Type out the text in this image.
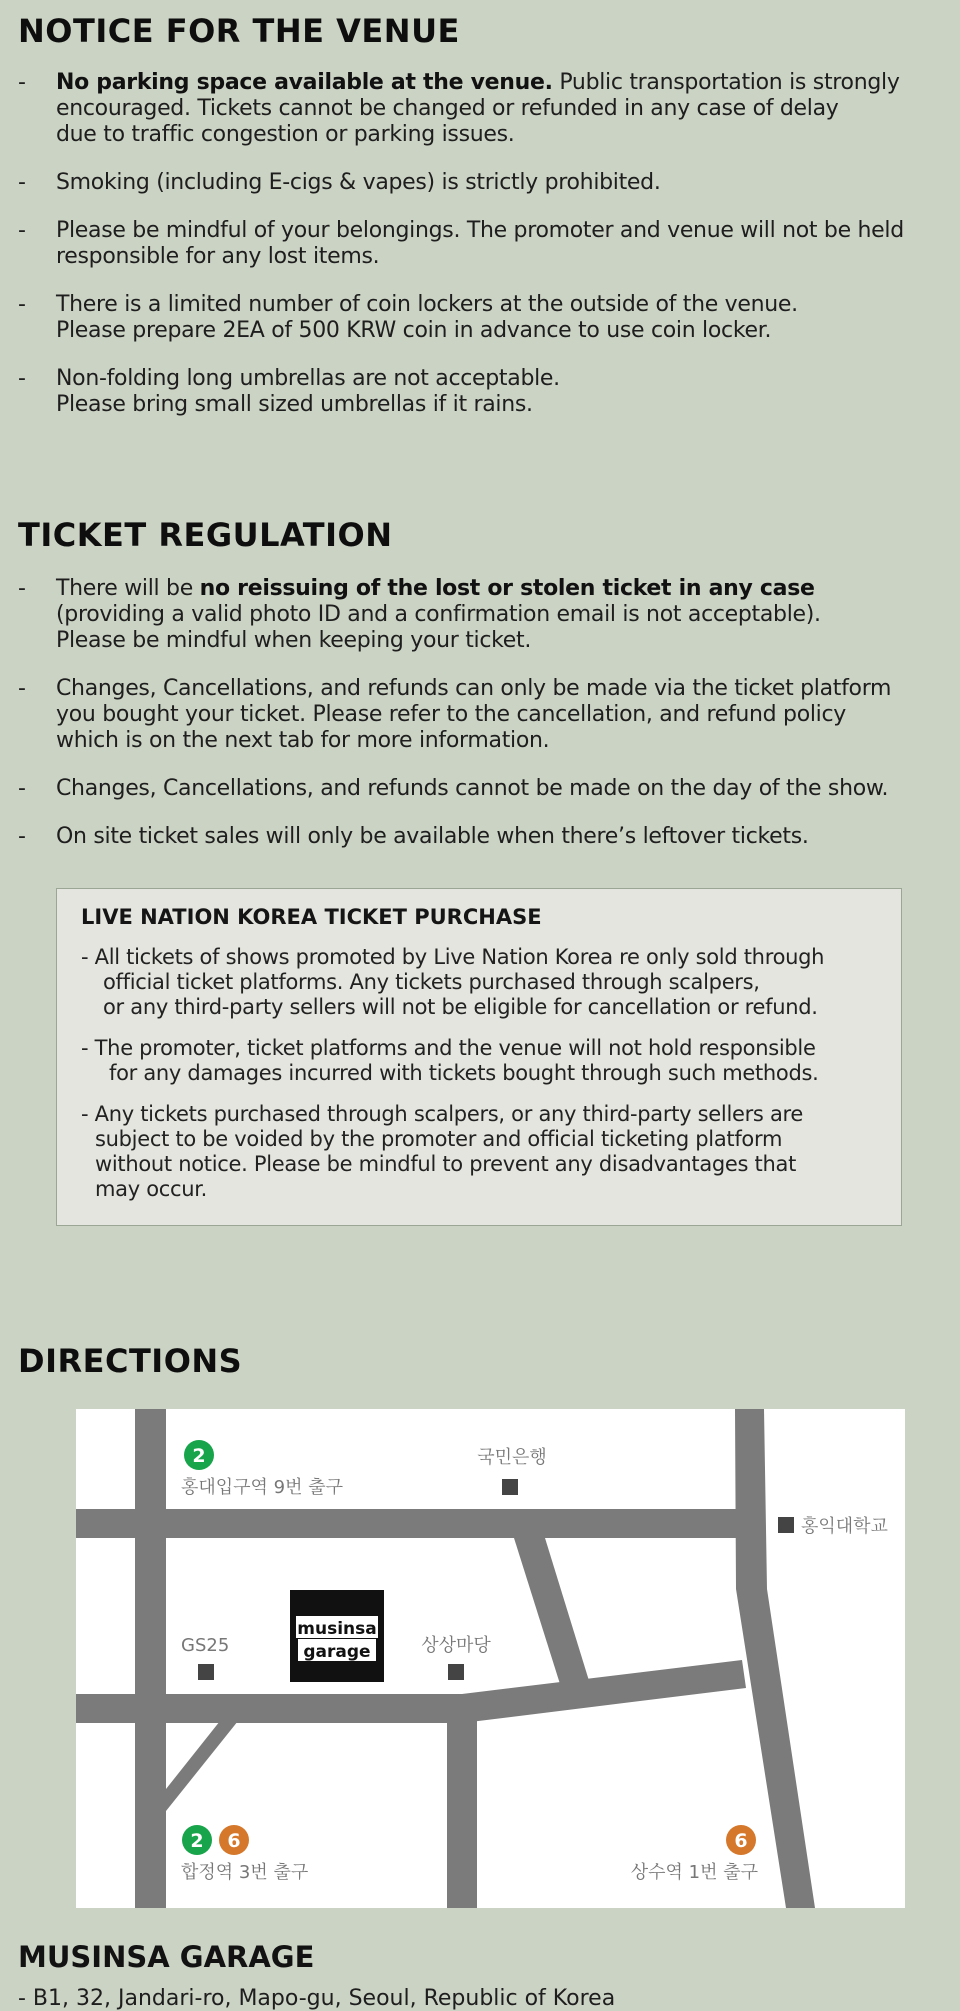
NOTICE FOR THE VENUE
- No parking space available at the venue. Public transportation is strongly
encouraged. Tickets cannot be changed or refunded in any case of delay
due to traffic congestion or parking issues.
- Smoking (including E-cigs & vapes) is strictly prohibited.
- Please be mindful of your belongings. The promoter and venue will not be held
responsible for any lost items.
- There is a limited number of coin lockers at the outside of the venue.
Please prepare 2EA of 500 KRW coin in advance to use coin locker.
- Non-folding long umbrellas are not acceptable.
Please bring small sized umbrellas if it rains.
TICKET REGULATION
- There will be no reissuing of the lost or stolen ticket in any case
(providing a valid photo ID and a confirmation email is not acceptable).
Please be mindful when keeping your ticket.
- Changes, Cancellations, and refunds can only be made via the ticket platform
you bought your ticket. Please refer to the cancellation, and refund policy
which is on the next tab for more information.
- Changes, Cancellations, and refunds cannot be made on the day of the show.
- On site ticket sales will only be available when there’s leftover tickets.
LIVE NATION KOREA TICKET PURCHASE

- All tickets of shows promoted by Live Nation Korea re only sold through
official ticket platforms. Any tickets purchased through scalpers,
or any third-party sellers will not be eligible for cancellation or refund.

- The promoter, ticket platforms and the venue will not hold responsible
for any damages incurred with tickets bought through such methods.

- Any tickets purchased through scalpers, or any third-party sellers are
subject to be voided by the promoter and official ticketing platform
without notice. Please be mindful to prevent any disadvantages that
may occur.

DIRECTIONS
2
홍대입구역 9번 출구
국민은행
홍익대학교
GS25
musinsa
garage	상상마당
2 6
합정역 3번 출구
6
상수역 1번 출구
MUSINSA GARAGE
- B1, 32, Jandari-ro, Mapo-gu, Seoul, Republic of Korea
